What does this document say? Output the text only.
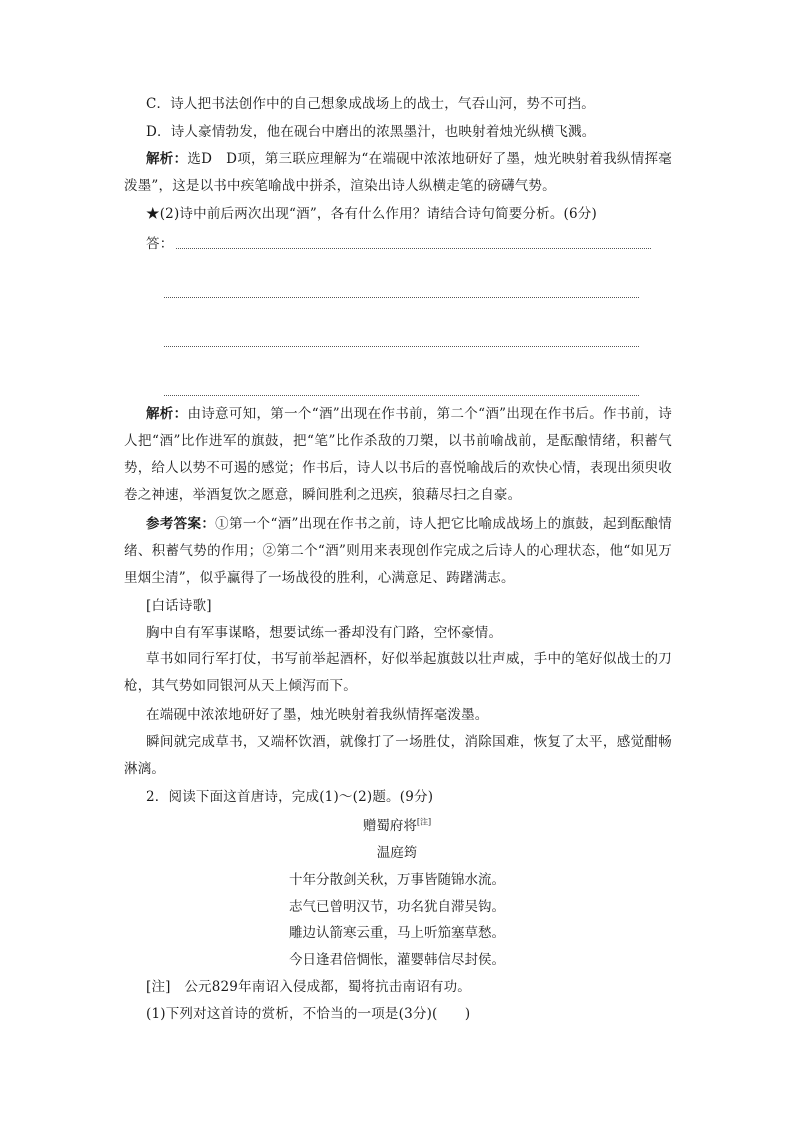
C．诗人把书法创作中的自己想象成战场上的战士，气吞山河，势不可挡。
D．诗人豪情勃发，他在砚台中磨出的浓黑墨汁，也映射着烛光纵横飞溅。
解析：选D　D项，第三联应理解为“在端砚中浓浓地研好了墨，烛光映射着我纵情挥毫泼墨”，这是以书中疾笔喻战中拼杀，渲染出诗人纵横走笔的磅礴气势。
★(2)诗中前后两次出现“酒”，各有什么作用？请结合诗句简要分析。(6分)
答：
解析：由诗意可知，第一个“酒”出现在作书前，第二个“酒”出现在作书后。作书前，诗人把“酒”比作进军的旗鼓，把“笔”比作杀敌的刀槊，以书前喻战前，是酝酿情绪，积蓄气势，给人以势不可遏的感觉；作书后，诗人以书后的喜悦喻战后的欢快心情，表现出须臾收卷之神速，举酒复饮之愿意，瞬间胜利之迅疾，狼藉尽扫之自豪。
参考答案：①第一个“酒”出现在作书之前，诗人把它比喻成战场上的旗鼓，起到酝酿情绪、积蓄气势的作用；②第二个“酒”则用来表现创作完成之后诗人的心理状态，他“如见万里烟尘清”，似乎赢得了一场战役的胜利，心满意足、踌躇满志。
[白话诗歌]
胸中自有军事谋略，想要试练一番却没有门路，空怀豪情。
草书如同行军打仗，书写前举起酒杯，好似举起旗鼓以壮声威，手中的笔好似战士的刀枪，其气势如同银河从天上倾泻而下。
在端砚中浓浓地研好了墨，烛光映射着我纵情挥毫泼墨。
瞬间就完成草书，又端杯饮酒，就像打了一场胜仗，消除国难，恢复了太平，感觉酣畅淋漓。
2．阅读下面这首唐诗，完成(1)～(2)题。(9分)
赠蜀府将[注]
温庭筠
十年分散剑关秋，万事皆随锦水流。
志气已曾明汉节，功名犹自滞吴钩。
雕边认箭寒云重，马上听笳塞草愁。
今日逢君倍惆怅，灌婴韩信尽封侯。
[注]　公元829年南诏入侵成都，蜀将抗击南诏有功。
(1)下列对这首诗的赏析，不恰当的一项是(3分)(　　)
